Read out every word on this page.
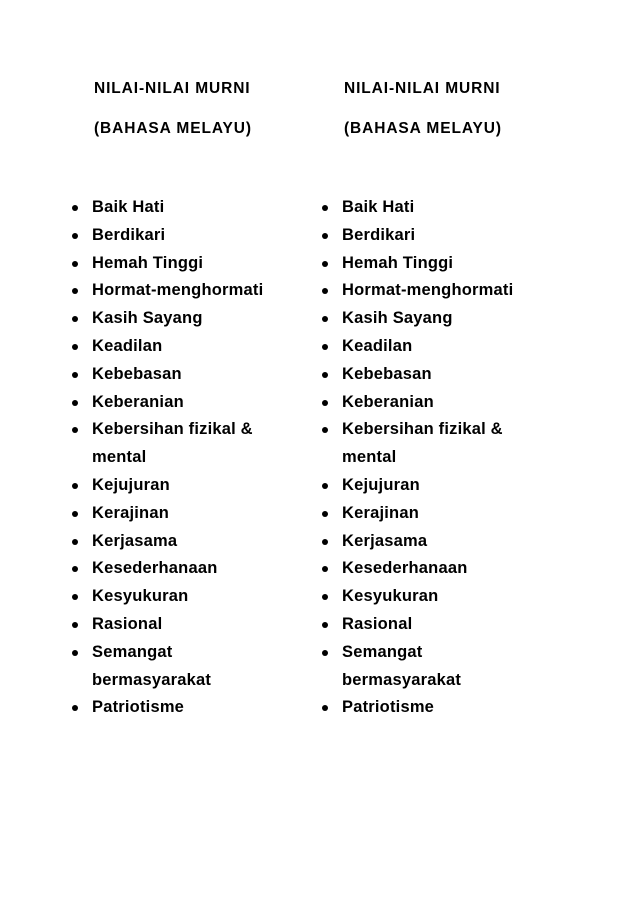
NILAI-NILAI MURNI
(BAHASA MELAYU)
Baik Hati
Berdikari
Hemah Tinggi
Hormat-menghormati
Kasih Sayang
Keadilan
Kebebasan
Keberanian
Kebersihan fizikal & mental
Kejujuran
Kerajinan
Kerjasama
Kesederhanaan
Kesyukuran
Rasional
Semangat bermasyarakat
Patriotisme
NILAI-NILAI MURNI
(BAHASA MELAYU)
Baik Hati
Berdikari
Hemah Tinggi
Hormat-menghormati
Kasih Sayang
Keadilan
Kebebasan
Keberanian
Kebersihan fizikal & mental
Kejujuran
Kerajinan
Kerjasama
Kesederhanaan
Kesyukuran
Rasional
Semangat bermasyarakat
Patriotisme
